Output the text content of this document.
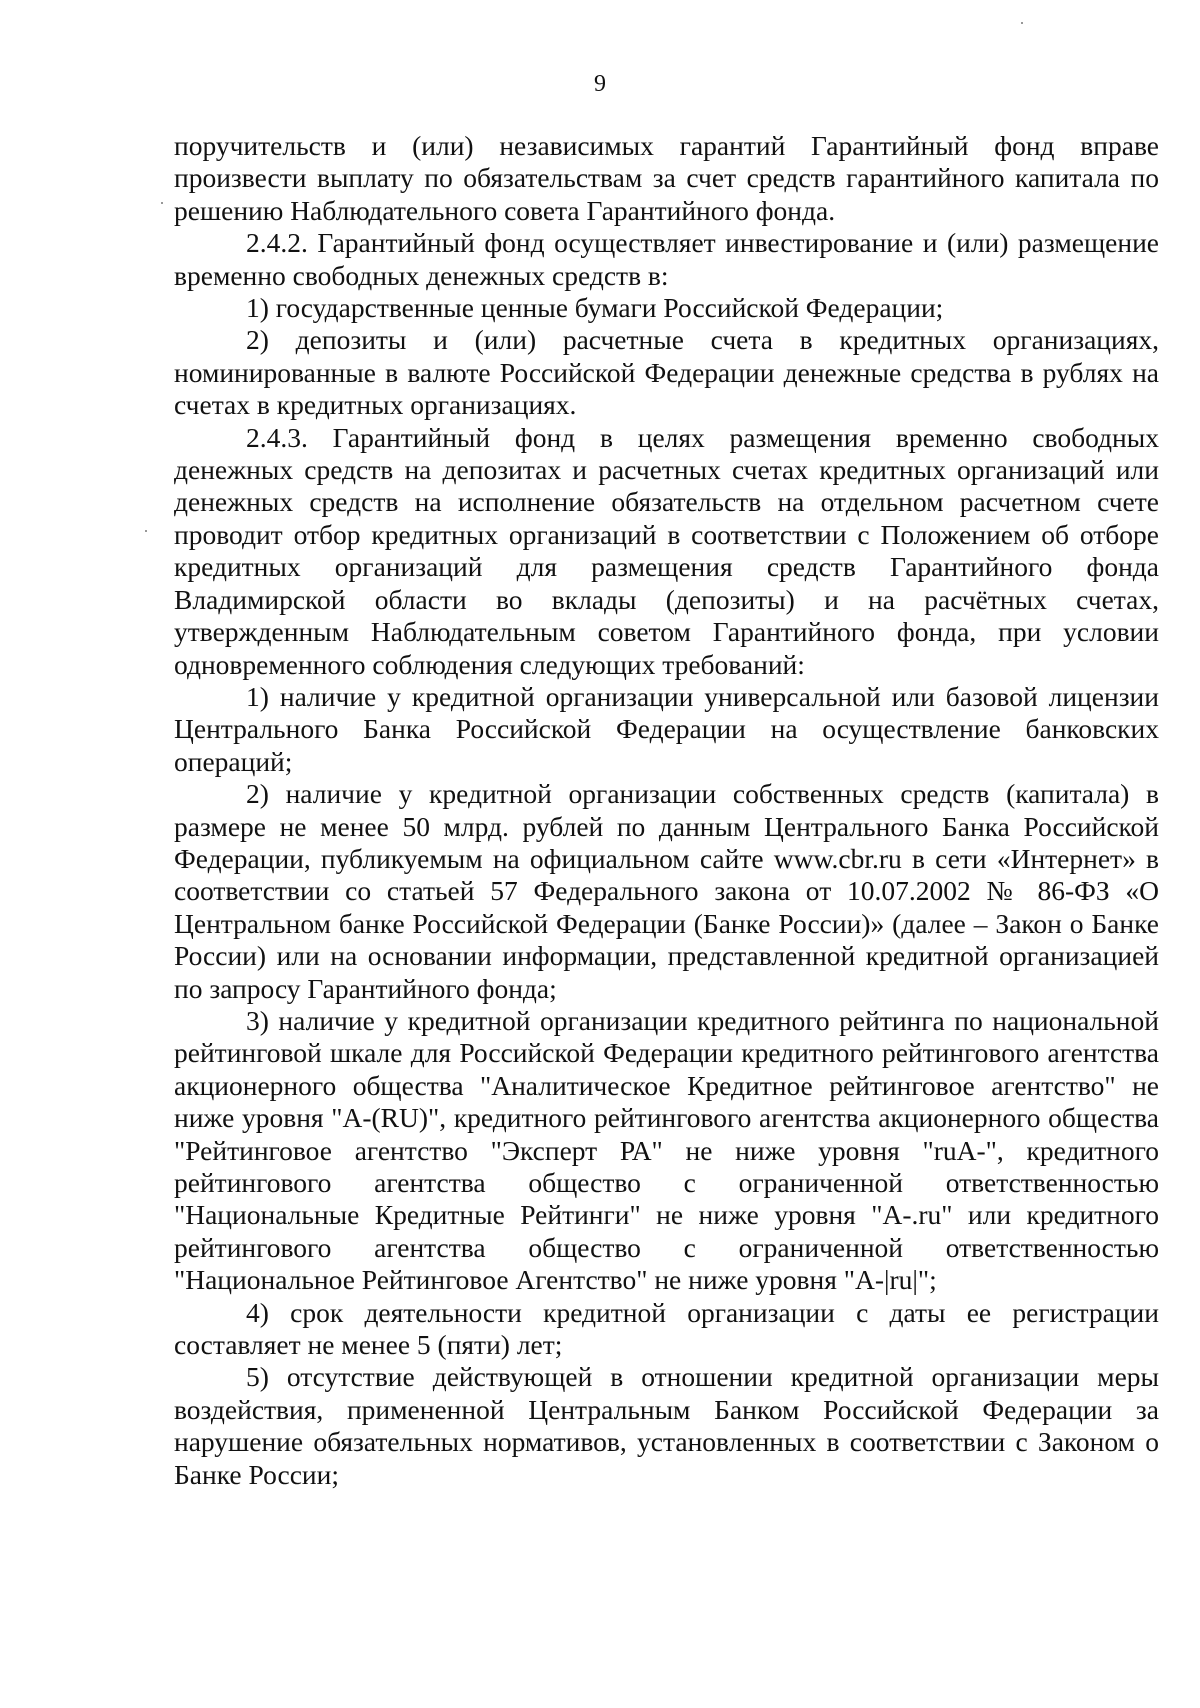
9

поручительств и (или) независимых гарантий Гарантийный фонд вправе произвести выплату по обязательствам за счет средств гарантийного капитала по решению Наблюдательного совета Гарантийного фонда.

2.4.2. Гарантийный фонд осуществляет инвестирование и (или) размещение временно свободных денежных средств в:

1) государственные ценные бумаги Российской Федерации;

2) депозиты и (или) расчетные счета в кредитных организациях, номинированные в валюте Российской Федерации денежные средства в рублях на счетах в кредитных организациях.

2.4.3. Гарантийный фонд в целях размещения временно свободных денежных средств на депозитах и расчетных счетах кредитных организаций или денежных средств на исполнение обязательств на отдельном расчетном счете проводит отбор кредитных организаций в соответствии с Положением об отборе кредитных организаций для размещения средств Гарантийного фонда Владимирской области во вклады (депозиты) и на расчётных счетах, утвержденным Наблюдательным советом Гарантийного фонда, при условии одновременного соблюдения следующих требований:

1) наличие у кредитной организации универсальной или базовой лицензии Центрального Банка Российской Федерации на осуществление банковских операций;

2) наличие у кредитной организации собственных средств (капитала) в размере не менее 50 млрд. рублей по данным Центрального Банка Российской Федерации, публикуемым на официальном сайте www.cbr.ru в сети «Интернет» в соответствии со статьей 57 Федерального закона от 10.07.2002 № 86-ФЗ «О Центральном банке Российской Федерации (Банке России)» (далее – Закон о Банке России) или на основании информации, представленной кредитной организацией по запросу Гарантийного фонда;

3) наличие у кредитной организации кредитного рейтинга по национальной рейтинговой шкале для Российской Федерации кредитного рейтингового агентства акционерного общества "Аналитическое Кредитное рейтинговое агентство" не ниже уровня "A-(RU)", кредитного рейтингового агентства акционерного общества "Рейтинговое агентство "Эксперт РА" не ниже уровня "ruA-", кредитного рейтингового агентства общество с ограниченной ответственностью "Национальные Кредитные Рейтинги" не ниже уровня "A-.ru" или кредитного рейтингового агентства общество с ограниченной ответственностью "Национальное Рейтинговое Агентство" не ниже уровня "A-|ru|";

4) срок деятельности кредитной организации с даты ее регистрации составляет не менее 5 (пяти) лет;

5) отсутствие действующей в отношении кредитной организации меры воздействия, примененной Центральным Банком Российской Федерации за нарушение обязательных нормативов, установленных в соответствии с Законом о Банке России;
